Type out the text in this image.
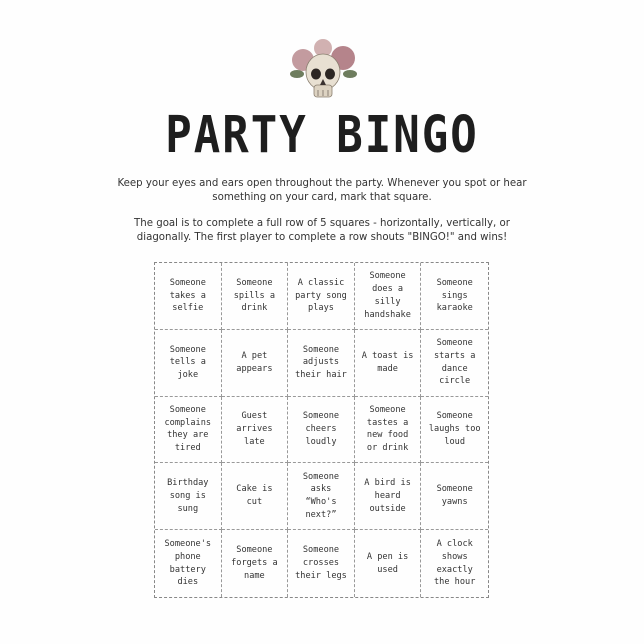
PARTY BINGO

Keep your eyes and ears open throughout the party. Whenever you spot or hear something on your card, mark that square.

The goal is to complete a full row of 5 squares - horizontally, vertically, or diagonally. The first player to complete a row shouts "BINGO!" and wins!

Someone
takes a
selfie
Someone
spills a
drink
A classic
party song
plays
Someone
does a
silly
handshake
Someone
sings
karaoke
Someone
tells a
joke
A pet
appears
Someone
adjusts
their hair
A toast is
made
Someone
starts a
dance
circle
Someone
complains
they are
tired
Guest
arrives
late
Someone
cheers
loudly
Someone
tastes a
new food
or drink
Someone
laughs too
loud
Birthday
song is
sung
Cake is
cut
Someone
asks
“Who's
next?”
A bird is
heard
outside
Someone
yawns
Someone's
phone
battery
dies
Someone
forgets a
name
Someone
crosses
their legs
A pen is
used
A clock
shows
exactly
the hour
